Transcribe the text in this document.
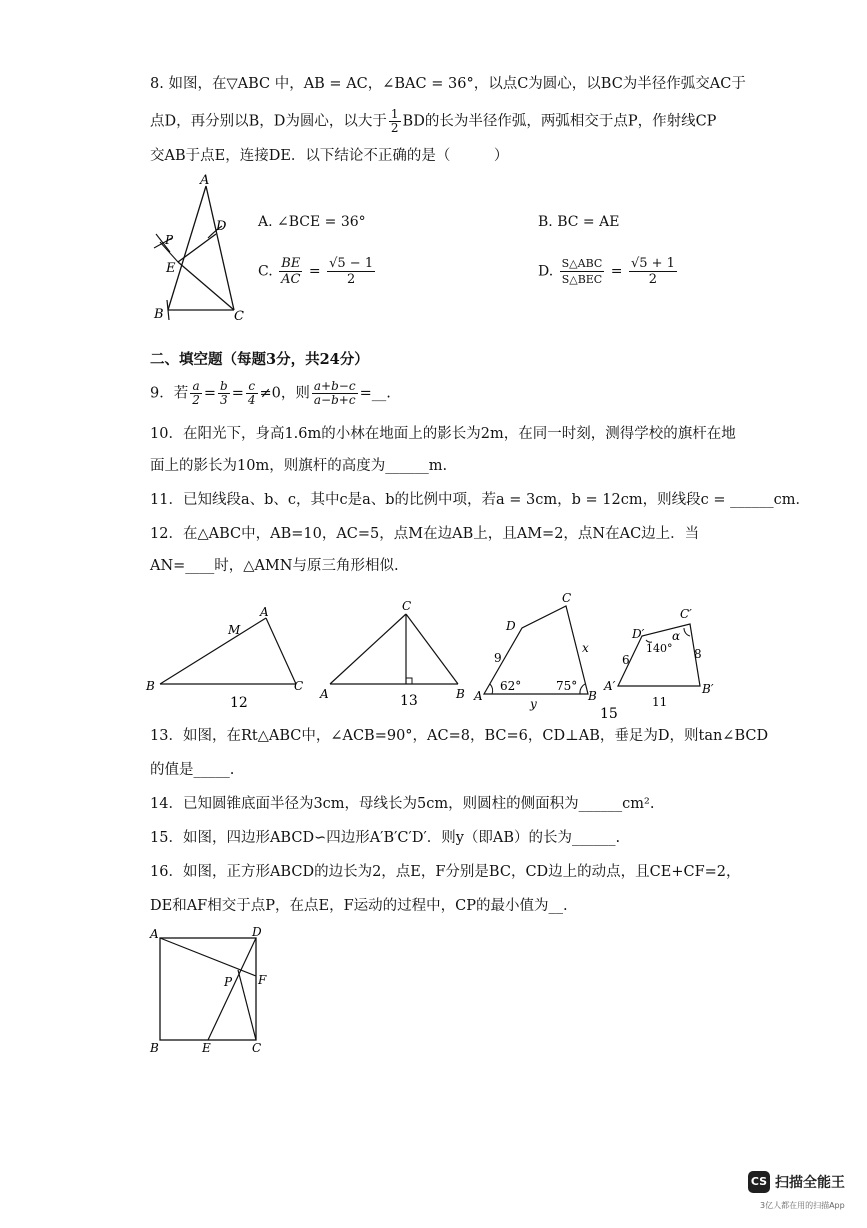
8. 如图，在▽ABC 中，AB = AC，∠BAC = 36°，以点C为圆心，以BC为半径作弧交AC于
点D，再分别以B，D为圆心，以大于 $\frac{1}{2}$ BD的长为半径作弧，两弧相交于点P，作射线CP
交AB于点E，连接DE．以下结论不正确的是（　　　）
A
D
P
E
B	C
A. ∠BCE = 36°	B. BC = AE
C. $\frac{BE}{AC} = \frac{√5 - 1}{2}$	D. $\frac{\text{S△ABC}}{\text{S△BEC}} = \frac{√5 + 1}{2}$
二、填空题（每题3分，共24分）
9．若 $\frac{a}{2} = \frac{b}{3} = \frac{c}{4} \ne 0$，则 $\frac{a+b-c}{a-b+c}$ =__.
10．在阳光下，身高1.6m的小林在地面上的影长为2m，在同一时刻，测得学校的旗杆在地
面上的影长为10m，则旗杆的高度为______m.
11．已知线段a、b、c，其中c是a、b的比例中项，若a = 3cm，b = 12cm，则线段c = ______cm．
12．在△ABC中，AB=10，AC=5，点M在边AB上，且AM=2，点N在AC边上．当
AN=____时，△AMN与原三角形相似.
B	C
A
M
12
A	B
C
13	A	B
C
D
9
x
y
62°	75°
15
A′	B′
C′
D′
6	8
11
140°
α
13．如图，在Rt△ABC中，∠ACB=90°，AC=8，BC=6，CD⊥AB，垂足为D，则tan∠BCD
的值是_____.
14．已知圆锥底面半径为3cm，母线长为5cm，则圆柱的侧面积为______cm².
15．如图，四边形ABCD∽四边形A′B′C′D′．则y（即AB）的长为______.
16．如图，正方形ABCD的边长为2，点E，F分别是BC，CD边上的动点，且CE+CF=2，
DE和AF相交于点P，在点E，F运动的过程中，CP的最小值为__.
A	D
B	E	C
F
P
CS 扫描全能王
3亿人都在用的扫描App
